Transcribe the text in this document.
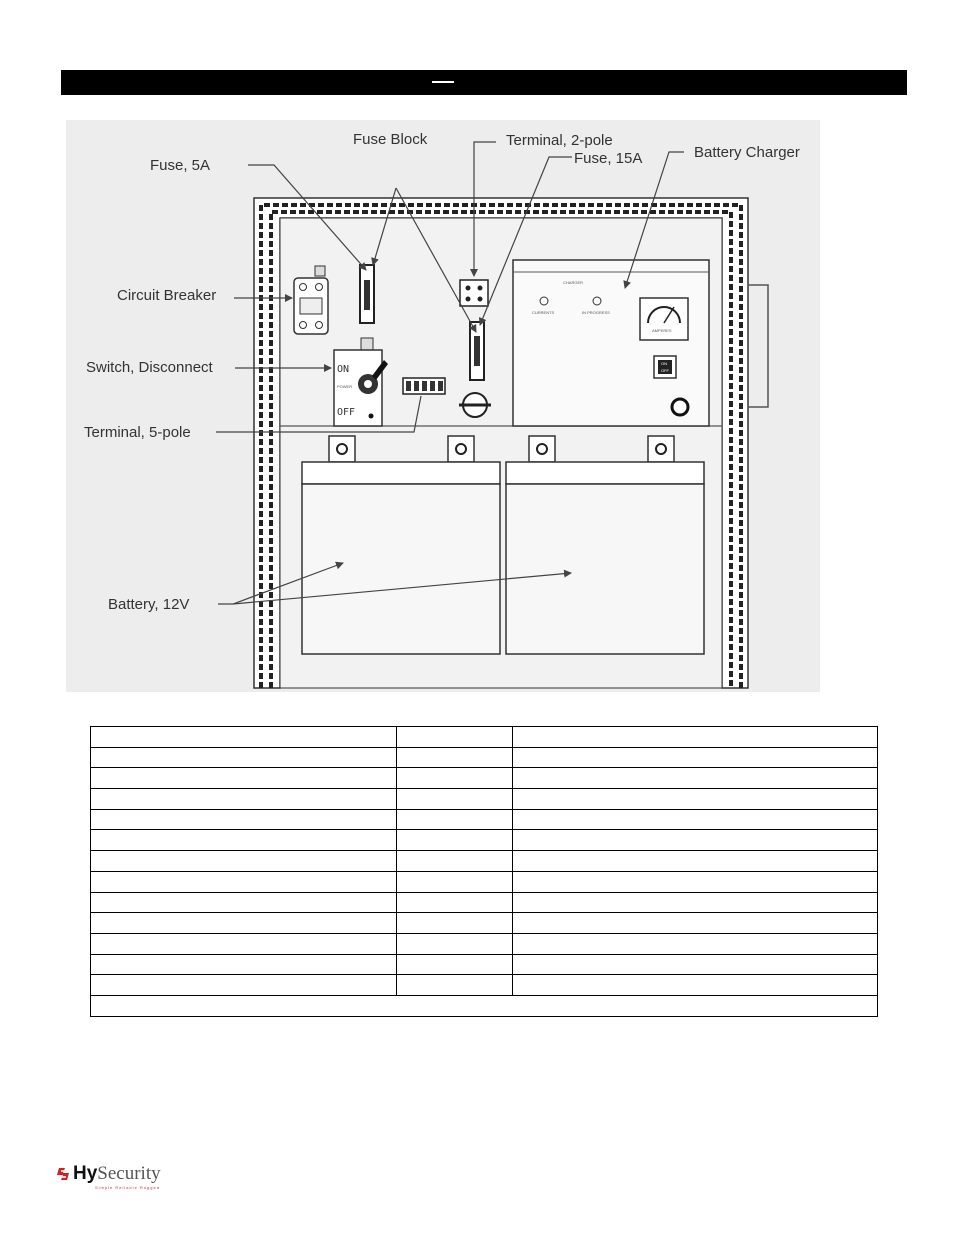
ON
POWER
OFF
CHARGER
CURRENTS	IN PROGRESS
AMPERES
ON
OFF
Fuse, 5A
Fuse Block	Terminal, 2-pole
Fuse, 15A	Battery Charger
Circuit Breaker
Switch, Disconnect
Terminal, 5-pole
Battery, 12V

HySecurity
Simple Reliable Rugged
